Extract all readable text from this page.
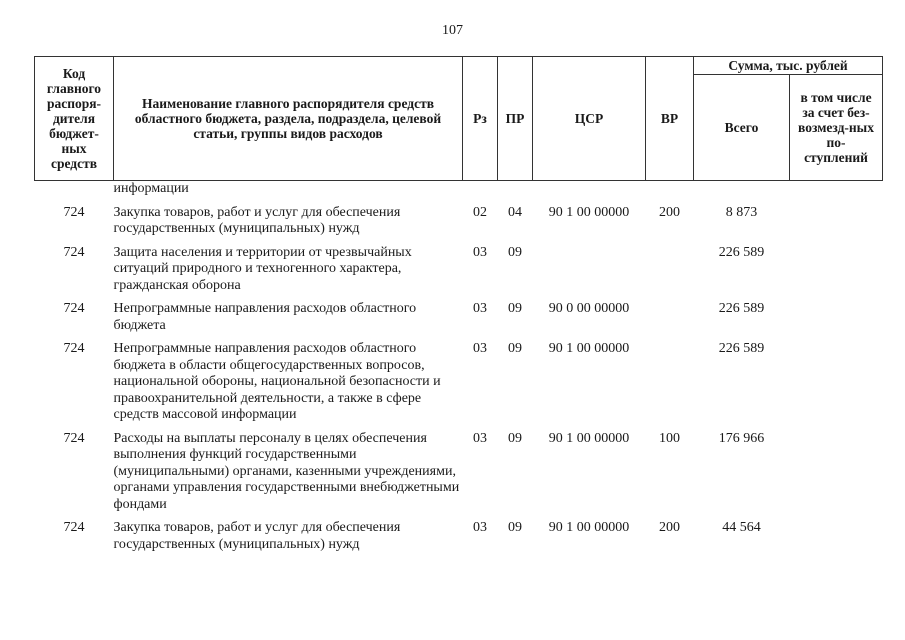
107
Код главного распоря-дителя бюджет-ных средств	Наименование главного распорядителя средств областного бюджета, раздела, подраздела, целевой статьи, группы видов расходов	Рз	ПР	ЦСР	ВР	Сумма, тыс. рублей	
						Всего	в том числе за счет без-возмезд-ных по-ступлений
	информации						
724	Закупка товаров, работ и услуг для обеспечения государственных (муниципальных) нужд	02	04	90 1 00 00000	200	8 873	
724	Защита населения и территории от чрезвычайных ситуаций природного и техногенного характера, гражданская оборона	03	09			226 589	
724	Непрограммные направления расходов областного бюджета	03	09	90 0 00 00000		226 589	
724	Непрограммные направления расходов областного бюджета в области общегосударственных вопросов, национальной обороны, национальной безопасности и правоохранительной деятельности, а также в сфере средств массовой информации	03	09	90 1 00 00000		226 589	
724	Расходы на выплаты персоналу в целях обеспечения выполнения функций государственными (муниципальными) органами, казенными учреждениями, органами управления государственными внебюджетными фондами	03	09	90 1 00 00000	100	176 966	
724	Закупка товаров, работ и услуг для обеспечения государственных (муниципальных) нужд	03	09	90 1 00 00000	200	44 564	
